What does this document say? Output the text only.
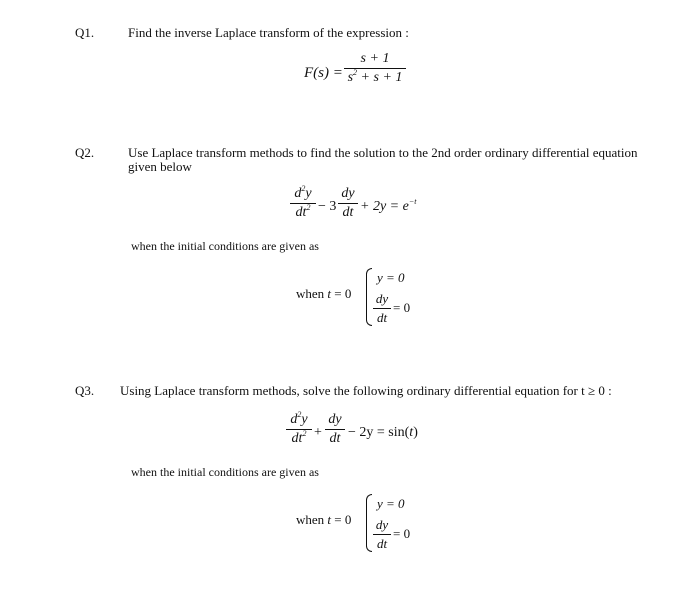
Q1.	Find the inverse Laplace transform of the expression :
F(s) =
s + 1
$s^2 + s + 1$
Q2.	Use Laplace transform methods to find the solution to the 2nd order ordinary differential equation
given below
$d^2y$
$dt^2 - 3$
dy
dt + $2y = e^{-t}$
when the initial conditions are given as
when t = 0
y = 0
dy
dt
= 0
Q3. Using Laplace transform methods, solve the following ordinary differential equation for t ≥ 0 :
$d^2y$
$dt^2$ +
dy
dt − 2y = sin(t)
when the initial conditions are given as
when t = 0
y = 0
dy
dt
= 0
